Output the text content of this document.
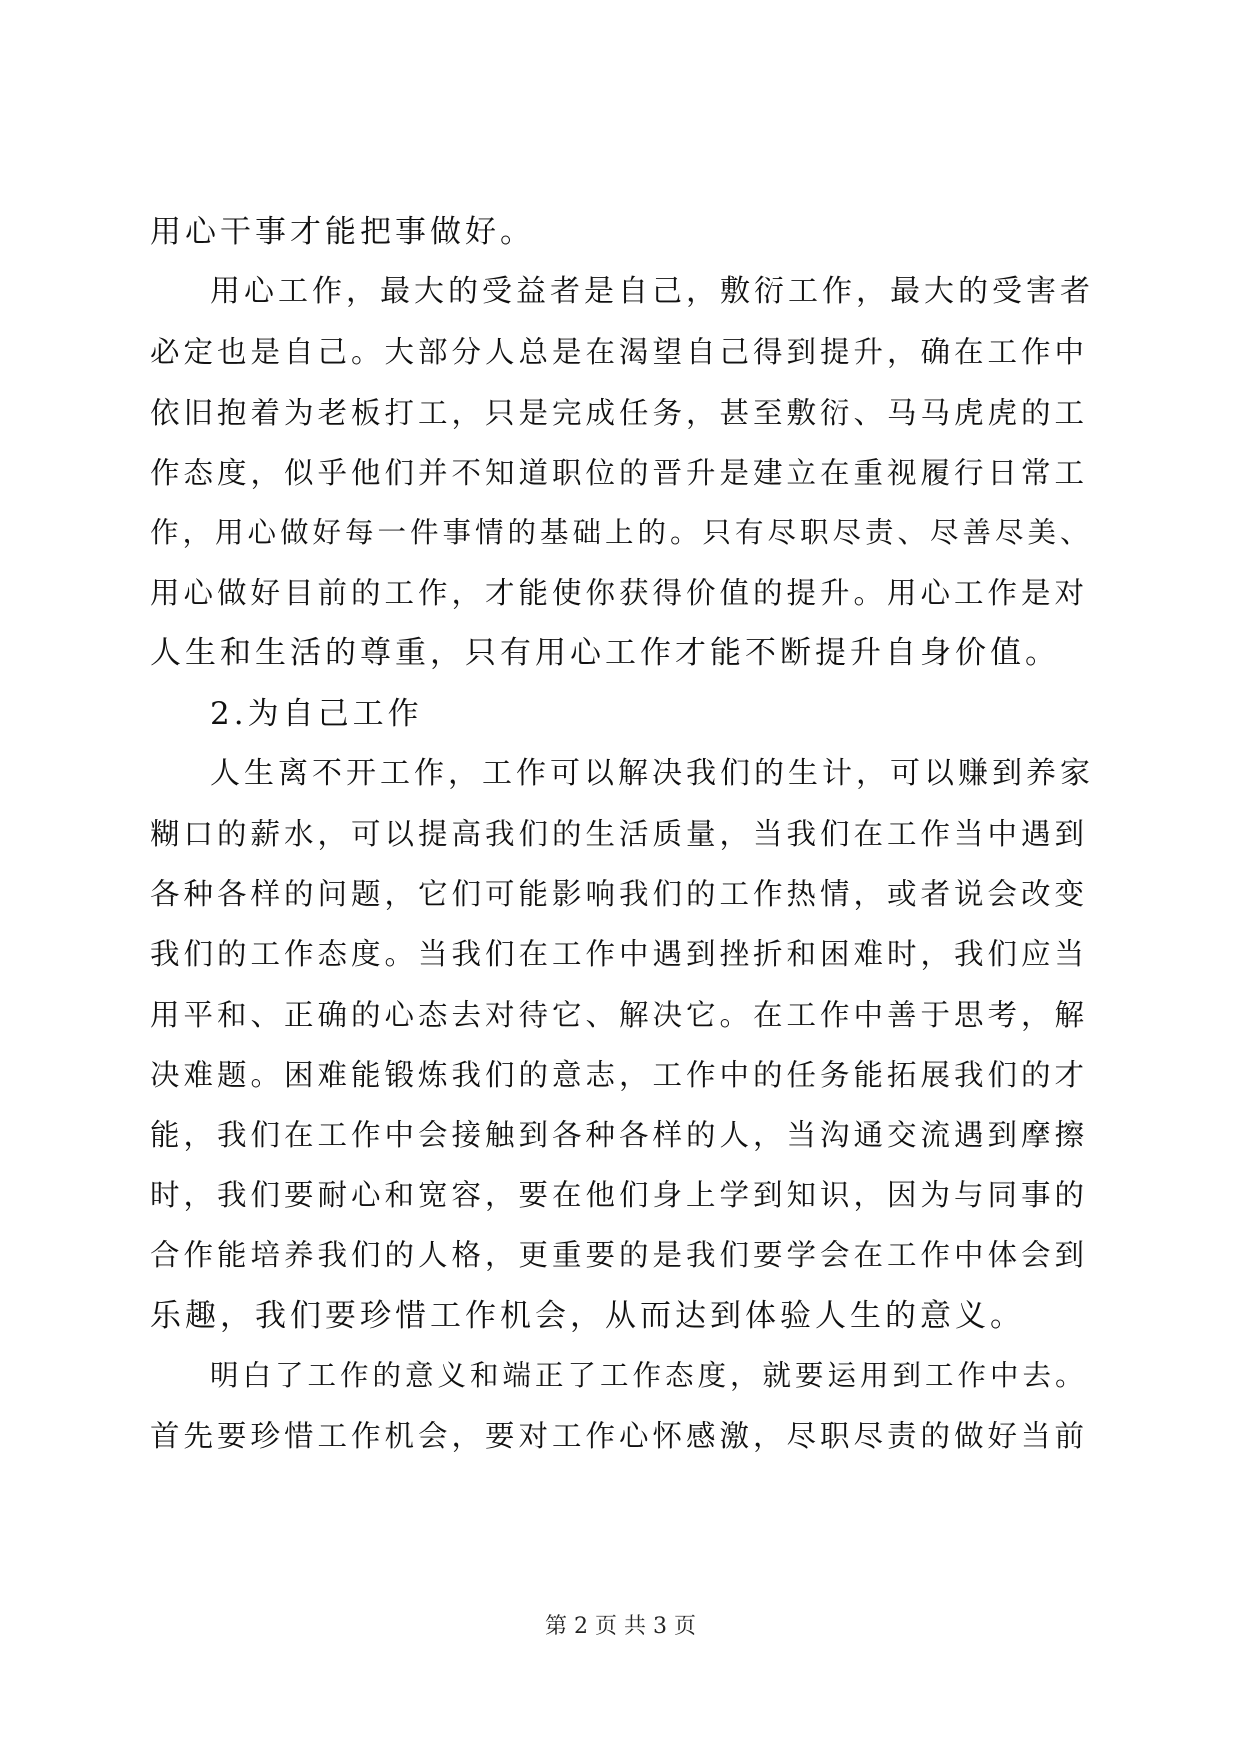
用心干事才能把事做好。
用心工作，最大的受益者是自己，敷衍工作，最大的受害者
必定也是自己。大部分人总是在渴望自己得到提升，确在工作中
依旧抱着为老板打工，只是完成任务，甚至敷衍、马马虎虎的工
作态度，似乎他们并不知道职位的晋升是建立在重视履行日常工
作，用心做好每一件事情的基础上的。只有尽职尽责、尽善尽美、
用心做好目前的工作，才能使你获得价值的提升。用心工作是对
人生和生活的尊重，只有用心工作才能不断提升自身价值。
2.为自己工作
人生离不开工作，工作可以解决我们的生计，可以赚到养家
糊口的薪水，可以提高我们的生活质量，当我们在工作当中遇到
各种各样的问题，它们可能影响我们的工作热情，或者说会改变
我们的工作态度。当我们在工作中遇到挫折和困难时，我们应当
用平和、正确的心态去对待它、解决它。在工作中善于思考，解
决难题。困难能锻炼我们的意志，工作中的任务能拓展我们的才
能，我们在工作中会接触到各种各样的人，当沟通交流遇到摩擦
时，我们要耐心和宽容，要在他们身上学到知识，因为与同事的
合作能培养我们的人格，更重要的是我们要学会在工作中体会到
乐趣，我们要珍惜工作机会，从而达到体验人生的意义。
明白了工作的意义和端正了工作态度，就要运用到工作中去。
首先要珍惜工作机会，要对工作心怀感激，尽职尽责的做好当前
第 2 页 共 3 页
